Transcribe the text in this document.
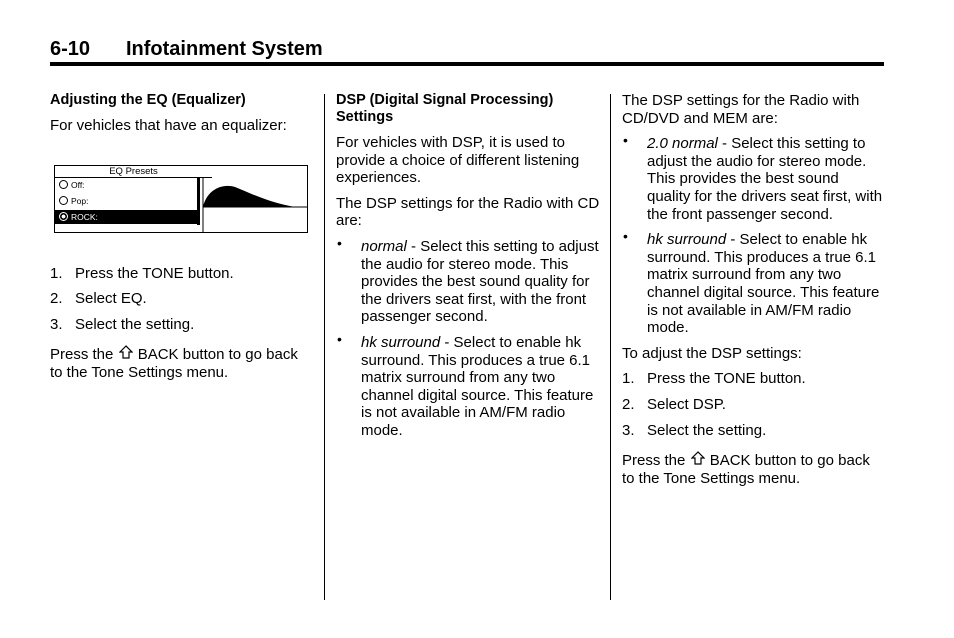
6-10 Infotainment System

Adjusting the EQ (Equalizer)

For vehicles that have an equalizer:

EQ Presets
Off:
Pop:
ROCK:
1. Press the TONE button.
2. Select EQ.
3. Select the setting.

Press the BACK button to go back to the Tone Settings menu.

DSP (Digital Signal Processing) Settings

For vehicles with DSP, it is used to provide a choice of different listening experiences.

The DSP settings for the Radio with CD are:

• normal - Select this setting to adjust the audio for stereo mode. This provides the best sound quality for the drivers seat first, with the front passenger second.
• hk surround - Select to enable hk surround. This produces a true 6.1 matrix surround from any two channel digital source. This feature is not available in AM/FM radio mode.

The DSP settings for the Radio with CD/DVD and MEM are:

• 2.0 normal - Select this setting to adjust the audio for stereo mode. This provides the best sound quality for the drivers seat first, with the front passenger second.
• hk surround - Select to enable hk surround. This produces a true 6.1 matrix surround from any two channel digital source. This feature is not available in AM/FM radio mode.

To adjust the DSP settings:

1. Press the TONE button.
2. Select DSP.
3. Select the setting.

Press the BACK button to go back to the Tone Settings menu.
